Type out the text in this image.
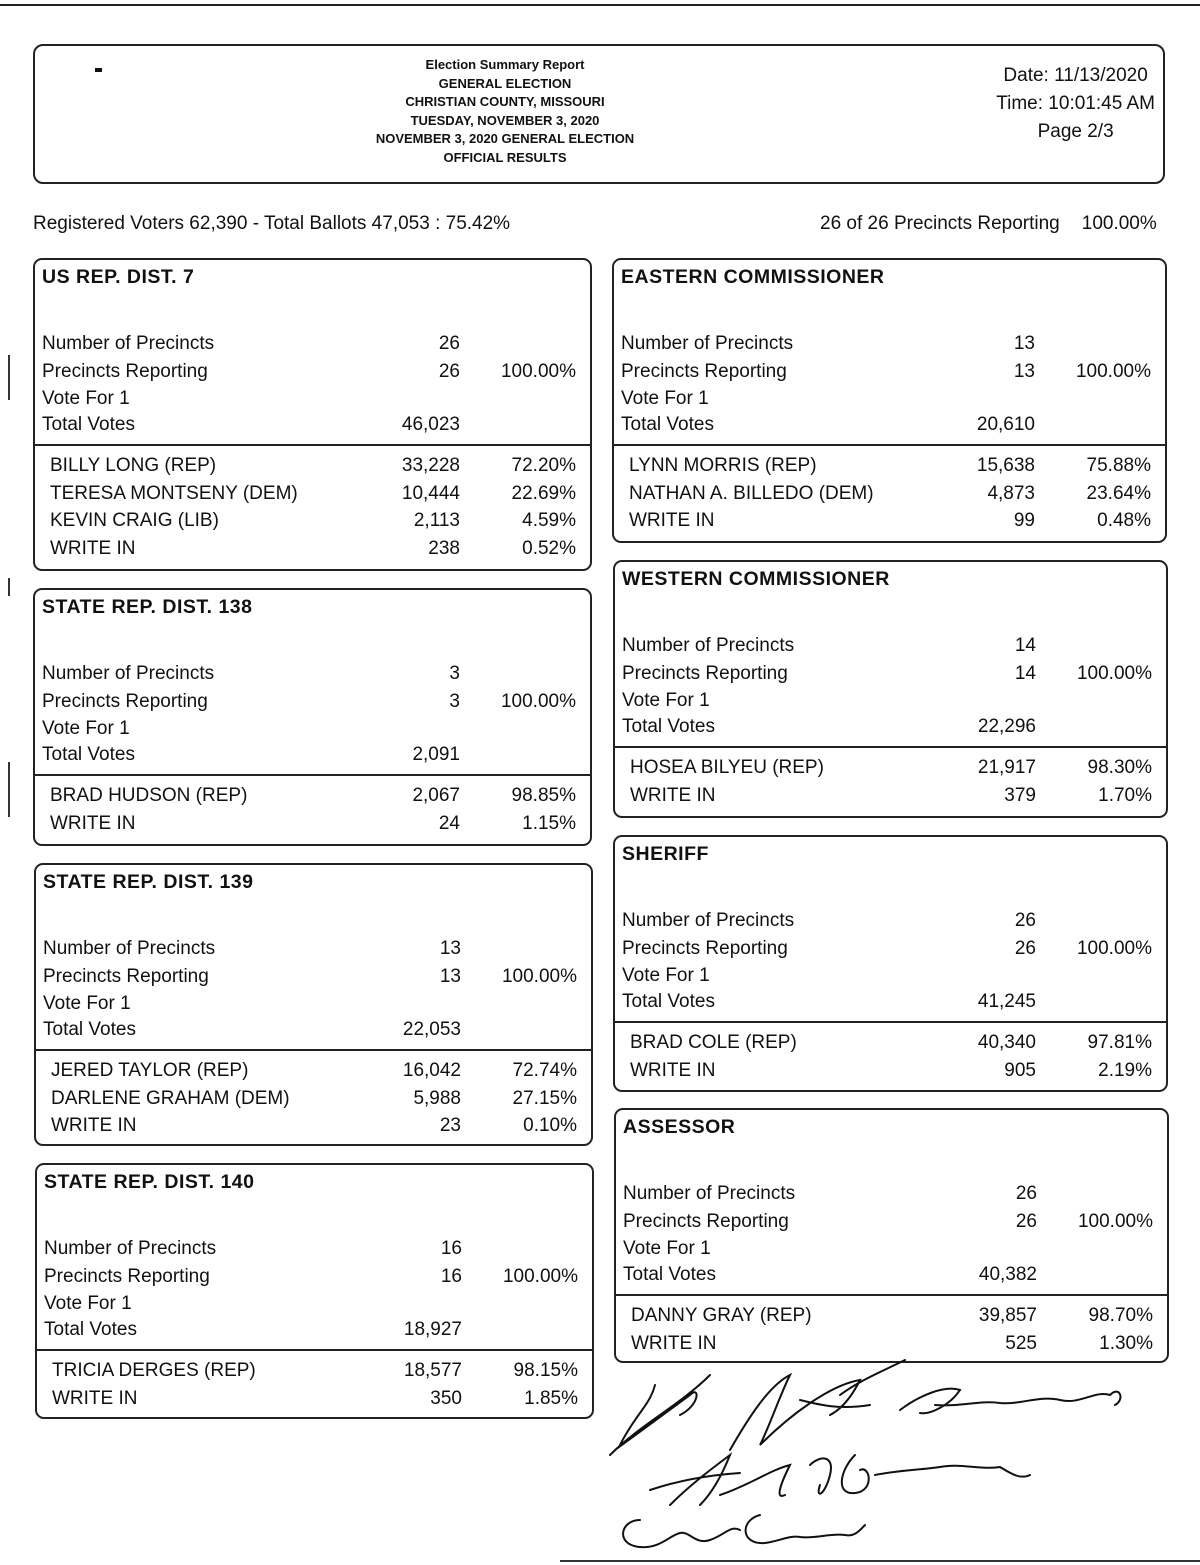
Election Summary Report
GENERAL ELECTION
CHRISTIAN COUNTY, MISSOURI
TUESDAY, NOVEMBER 3, 2020
NOVEMBER 3, 2020 GENERAL ELECTION
OFFICIAL RESULTS
Date: 11/13/2020
Time: 10:01:45 AM
Page 2/3
Registered Voters 62,390 - Total Ballots 47,053 : 75.42%	26 of 26 Precincts Reporting 100.00%
US REP. DIST. 7
Number of Precincts	26
Precincts Reporting	26 100.00%
Vote For 1
Total Votes	46,023
BILLY LONG (REP)	33,228	72.20%
TERESA MONTSENY (DEM)	10,444	22.69%
KEVIN CRAIG (LIB)	2,113	4.59%
WRITE IN	238	0.52%
STATE REP. DIST. 138
Number of Precincts	3
Precincts Reporting	3 100.00%
Vote For 1
Total Votes	2,091
BRAD HUDSON (REP)	2,067	98.85%
WRITE IN	24	1.15%
STATE REP. DIST. 139
Number of Precincts	13
Precincts Reporting	13 100.00%
Vote For 1
Total Votes	22,053
JERED TAYLOR (REP)	16,042	72.74%
DARLENE GRAHAM (DEM)	5,988	27.15%
WRITE IN	23	0.10%
STATE REP. DIST. 140
Number of Precincts	16
Precincts Reporting	16 100.00%
Vote For 1
Total Votes	18,927
TRICIA DERGES (REP)	18,577	98.15%
WRITE IN	350	1.85%
EASTERN COMMISSIONER
Number of Precincts	13
Precincts Reporting	13 100.00%
Vote For 1
Total Votes	20,610
LYNN MORRIS (REP)	15,638	75.88%
NATHAN A. BILLEDO (DEM)	4,873	23.64%
WRITE IN	99	0.48%
WESTERN COMMISSIONER
Number of Precincts	14
Precincts Reporting	14 100.00%
Vote For 1
Total Votes	22,296
HOSEA BILYEU (REP)	21,917	98.30%
WRITE IN	379	1.70%
SHERIFF
Number of Precincts	26
Precincts Reporting	26 100.00%
Vote For 1
Total Votes	41,245
BRAD COLE (REP)	40,340	97.81%
WRITE IN	905	2.19%
ASSESSOR
Number of Precincts	26
Precincts Reporting	26 100.00%
Vote For 1
Total Votes	40,382
DANNY GRAY (REP)	39,857	98.70%
WRITE IN	525	1.30%
